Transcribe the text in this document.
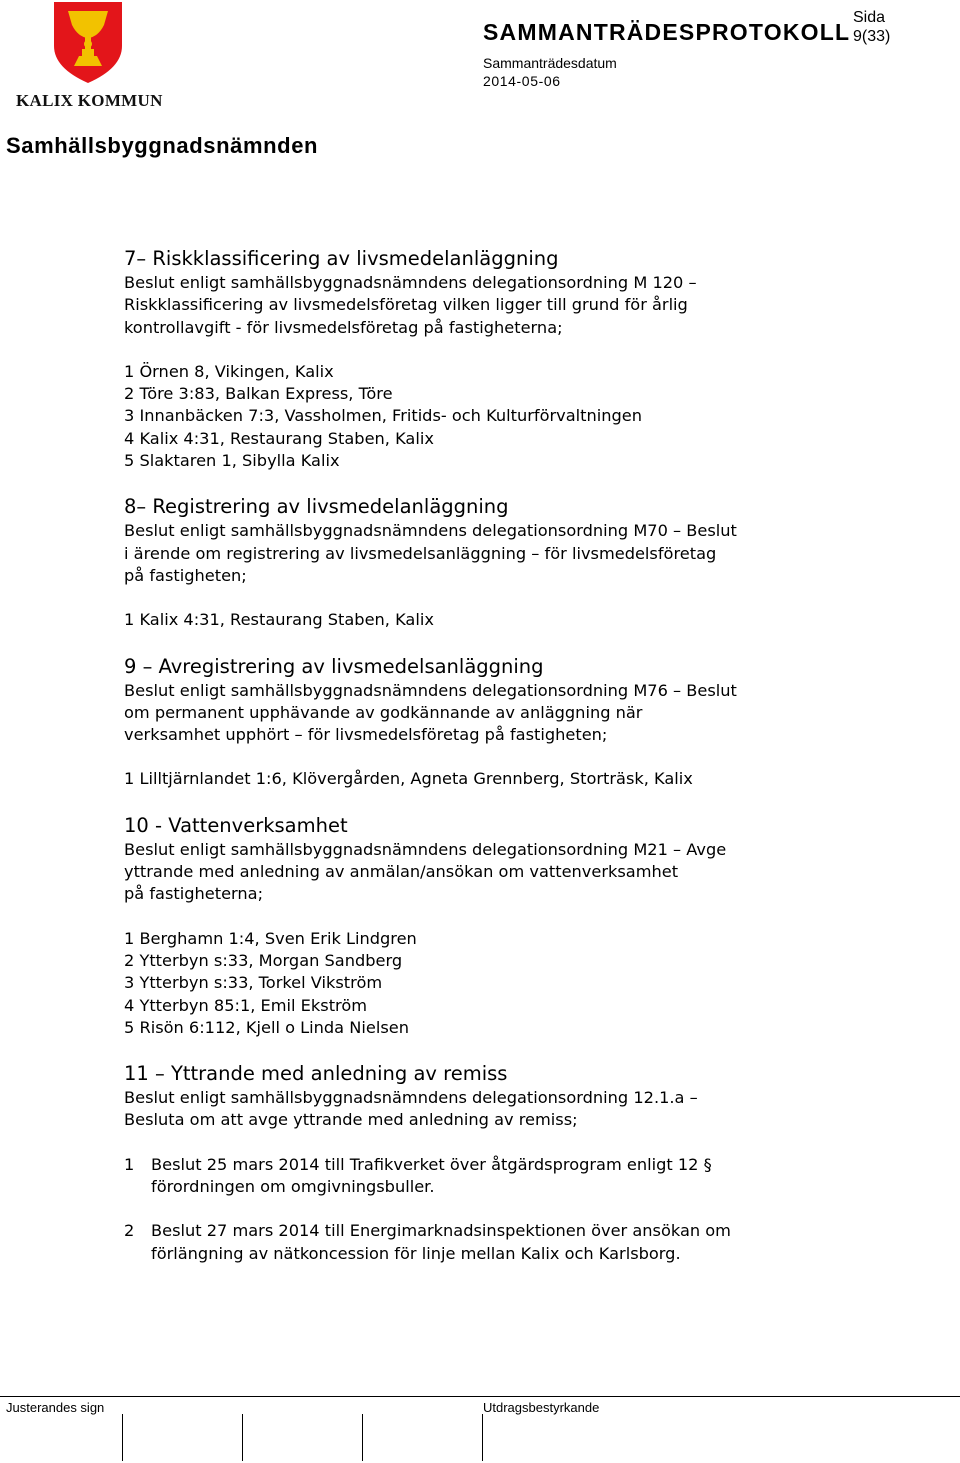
KALIX KOMMUN
SAMMANTRÄDESPROTOKOLL
Sida
9(33)
Sammanträdesdatum
2014-05-06
Samhällsbyggnadsnämnden
7– Riskklassificering av livsmedelanläggning
Beslut enligt samhällsbyggnadsnämndens delegationsordning M 120 –
Riskklassificering av livsmedelsföretag vilken ligger till grund för årlig
kontrollavgift - för livsmedelsföretag på fastigheterna;
1 Örnen 8, Vikingen, Kalix
2 Töre 3:83, Balkan Express, Töre
3 Innanbäcken 7:3, Vassholmen, Fritids- och Kulturförvaltningen
4 Kalix 4:31, Restaurang Staben, Kalix
5 Slaktaren 1, Sibylla Kalix
8– Registrering av livsmedelanläggning
Beslut enligt samhällsbyggnadsnämndens delegationsordning M70 – Beslut
i ärende om registrering av livsmedelsanläggning – för livsmedelsföretag
på fastigheten;
1 Kalix 4:31, Restaurang Staben, Kalix
9 – Avregistrering av livsmedelsanläggning
Beslut enligt samhällsbyggnadsnämndens delegationsordning M76 – Beslut
om permanent upphävande av godkännande av anläggning när
verksamhet upphört – för livsmedelsföretag på fastigheten;
1 Lilltjärnlandet 1:6, Klövergården, Agneta Grennberg, Storträsk, Kalix
10 - Vattenverksamhet
Beslut enligt samhällsbyggnadsnämndens delegationsordning M21 – Avge
yttrande med anledning av anmälan/ansökan om vattenverksamhet
på fastigheterna;
1 Berghamn 1:4, Sven Erik Lindgren
2 Ytterbyn s:33, Morgan Sandberg
3 Ytterbyn s:33, Torkel Vikström
4 Ytterbyn 85:1, Emil Ekström
5 Risön 6:112, Kjell o Linda Nielsen
11 – Yttrande med anledning av remiss
Beslut enligt samhällsbyggnadsnämndens delegationsordning 12.1.a –
Besluta om att avge yttrande med anledning av remiss;
1	Beslut 25 mars 2014 till Trafikverket över åtgärdsprogram enligt 12 §
förordningen om omgivningsbuller.
2	Beslut 27 mars 2014 till Energimarknadsinspektionen över ansökan om
förlängning av nätkoncession för linje mellan Kalix och Karlsborg.
Justerandes sign	Utdragsbestyrkande
